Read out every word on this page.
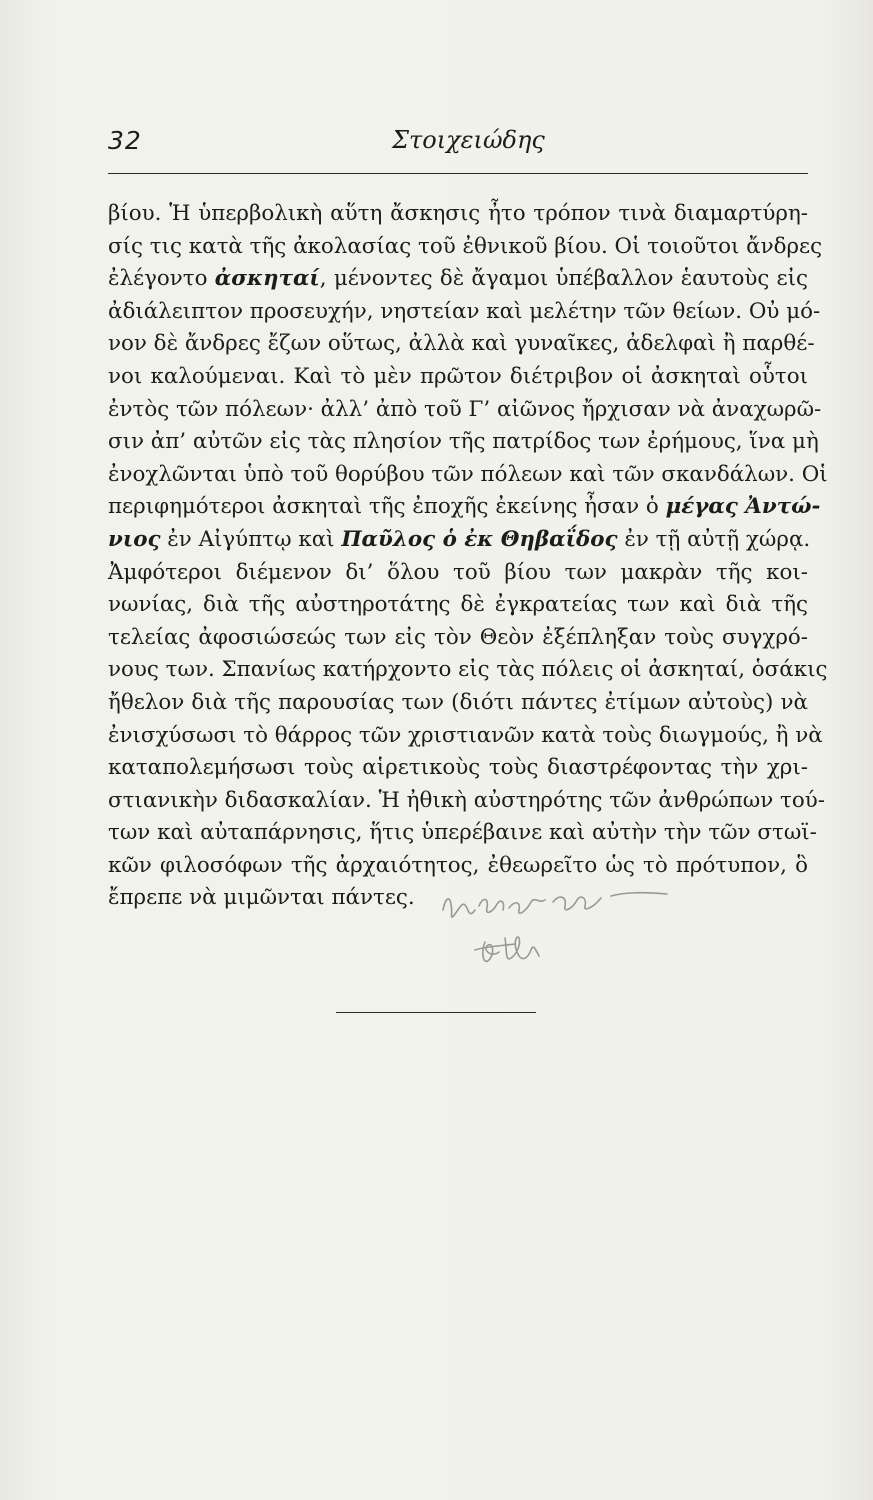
32	Στοιχειώδης
βίου. Ἡ ὑπερβολικὴ αὕτη ἄσκησις ἦτο τρόπον τινὰ διαμαρτύρη-
σίς τις κατὰ τῆς ἀκολασίας τοῦ ἐθνικοῦ βίου. Οἱ τοιοῦτοι ἄνδρες
ἐλέγοντο ἀσκηταί, μένοντες δὲ ἄγαμοι ὑπέβαλλον ἑαυτοὺς εἰς
ἀδιάλειπτον προσευχήν, νηστείαν καὶ μελέτην τῶν θείων. Οὐ μό-
νον δὲ ἄνδρες ἔζων οὕτως, ἀλλὰ καὶ γυναῖκες, ἀδελφαὶ ἢ παρθέ-
νοι καλούμεναι. Καὶ τὸ μὲν πρῶτον διέτριβον οἱ ἀσκηταὶ οὗτοι
ἐντὸς τῶν πόλεων· ἀλλ’ ἀπὸ τοῦ Γ’ αἰῶνος ἤρχισαν νὰ ἀναχωρῶ-
σιν ἀπ’ αὐτῶν εἰς τὰς πλησίον τῆς πατρίδος των ἐρήμους, ἵνα μὴ
ἐνοχλῶνται ὑπὸ τοῦ θορύβου τῶν πόλεων καὶ τῶν σκανδάλων. Οἱ
περιφημότεροι ἀσκηταὶ τῆς ἐποχῆς ἐκείνης ἦσαν ὁ μέγας Ἀντώ-
νιος ἐν Αἰγύπτῳ καὶ Παῦλος ὁ ἐκ Θηβαΐδος ἐν τῇ αὐτῇ χώρᾳ.
Ἀμφότεροι διέμενον δι’ ὅλου τοῦ βίου των μακρὰν τῆς κοι-
νωνίας, διὰ τῆς αὐστηροτάτης δὲ ἐγκρατείας των καὶ διὰ τῆς
τελείας ἀφοσιώσεώς των εἰς τὸν Θεὸν ἐξέπληξαν τοὺς συγχρό-
νους των. Σπανίως κατήρχοντο εἰς τὰς πόλεις οἱ ἀσκηταί, ὁσάκις
ἤθελον διὰ τῆς παρουσίας των (διότι πάντες ἐτίμων αὐτοὺς) νὰ
ἐνισχύσωσι τὸ θάρρος τῶν χριστιανῶν κατὰ τοὺς διωγμούς, ἢ νὰ
καταπολεμήσωσι τοὺς αἱρετικοὺς τοὺς διαστρέφοντας τὴν χρι-
στιανικὴν διδασκαλίαν. Ἡ ἠθικὴ αὐστηρότης τῶν ἀνθρώπων τού-
των καὶ αὐταπάρνησις, ἥτις ὑπερέβαινε καὶ αὐτὴν τὴν τῶν στωϊ-
κῶν φιλοσόφων τῆς ἀρχαιότητος, ἐθεωρεῖτο ὡς τὸ πρότυπον, ὃ
ἔπρεπε νὰ μιμῶνται πάντες.
